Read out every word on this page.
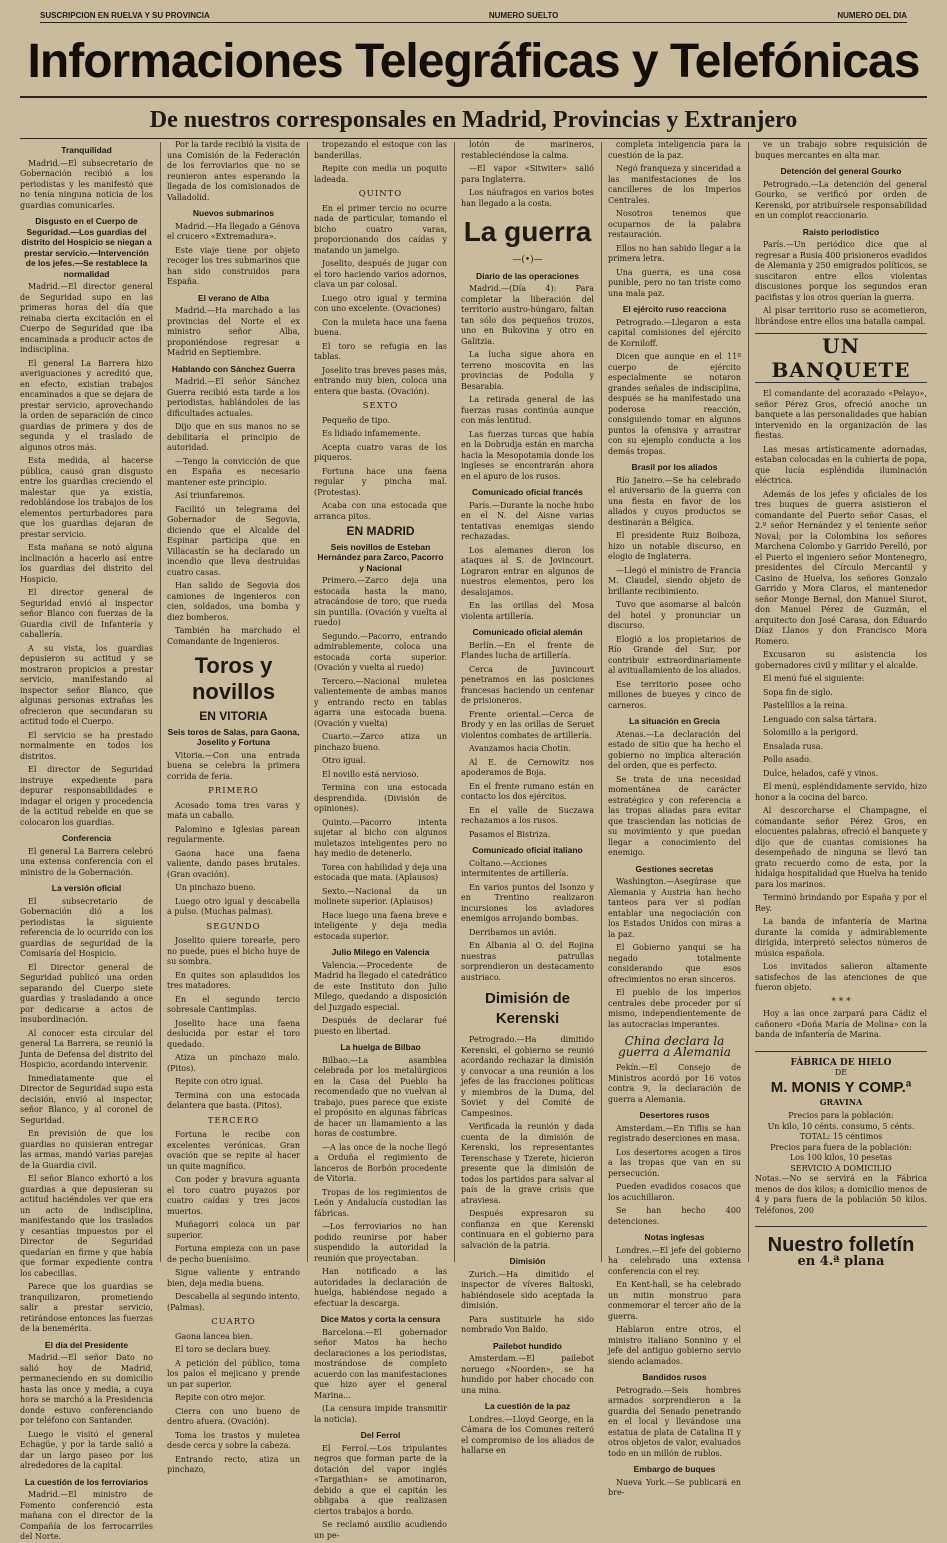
SUSCRIPCION EN RUELVA Y SU PROVINCIA	NUMERO SUELTO	NUMERO DEL DIA
Informaciones Telegráficas y Telefónicas
De nuestros corresponsales en Madrid, Provincias y Extranjero
Tranquilidad

Madrid.—El subsecretario de Gobernación recibió a los periodistas y les manifestó que no tenía ninguna noticia de los guardias comunicarles.

Disgusto en el Cuerpo de Seguridad.—Los guardias del distrito del Hospicio se niegan a prestar servicio.—Intervención de los jefes.—Se restablece la normalidad

Madrid.—El director general de Seguridad supo en las primeras horas del día que reinaba cierta excitación en el Cuerpo de Seguridad que iba encaminada a producir actos de indisciplina.

El general La Barrera hizo averiguaciones y acreditó que, en efecto, existían trabajos encaminados a que se dejara de prestar servicio, aprovechando la orden de separación de cinco guardias de primera y dos de segunda y el traslado de algunos otros más.

Esta medida, al hacerse pública, causó gran disgusto entre los guardias creciendo el malestar que ya existía, redoblándose los trabajos de los elementos perturbadores para que los guardias dejaran de prestar servicio.

Esta mañana se notó alguna inclinación a hacerlo así entre los guardias del distrito del Hospicio.

El director general de Seguridad envió al inspector señor Blanco con fuerzas de la Guardia civil de Infantería y caballería.

A su vista, los guardias depusieron su actitud y se mostraron propicios a prestar servicio, manifestando al inspector señor Blanco, que algunas personas extrañas les ofrecieron que secundaran su actitud todo el Cuerpo.

El servicio se ha prestado normalmente en todos los distritos.

El director de Seguridad instruye expediente para depurar responsabilidades e indagar el origen y procedencia de la actitud rebelde en que se colocaron los guardias.

Conferencia

El general La Barrera celebró una extensa conferencia con el ministro de la Gobernación.

La versión oficial

El subsecretario de Gobernación dió a los periodistas la siguiente referencia de lo ocurrido con los guardias de seguridad de la Comisaría del Hospicio.

El Director general de Seguridad publicó una orden separando del Cuerpo siete guardias y trasladando a once por dedicarse a actos de insubordinación.

Al conocer esta circular del general La Barrera, se reunió la Junta de Defensa del distrito del Hospicio, acordando intervenir.

Inmediatamente que el Director de Seguridad supo esta decisión, envió al inspector, señor Blanco, y al coronel de Seguridad.

En previsión de que los guardias no quisieran entregar las armas, mandó varias parejas de la Guardia civil.

El señor Blanco exhortó a los guardias a que depusieran su actitud haciéndoles ver que era un acto de indisciplina, manifestando que los traslados y cesantías impuestos por el Director de Seguridad quedarían en firme y que había que formar expediente contra los cabecillas.

Parece que los guardias se tranquilizaron, prometiendo salir a prestar servicio, retirándose entonces las fuerzas de la benemérita.

El día del Presidente

Madrid.—El señor Dato no salió hoy de Madrid, permaneciendo en su domicilio hasta las once y media, a cuya hora se marchó a la Presidencia donde estuvo conferenciando por teléfono con Santander.

Luego le visitó el general Echagüe, y por la tarde salió a dar un largo paseo por los alrededores de la capital.

La cuestión de los ferroviarios

Madrid.—El ministro de Fomento conferenció esta mañana con el director de la Compañía de los ferrocarriles del Norte.

Por la tarde recibió la visita de una Comisión de la Federación de los ferroviarios que no se reunieron antes esperando la llegada de los comisionados de Valladolid.

Nuevos submarinos

Madrid.—Ha llegado a Génova el crucero «Extremadura».

Este viaje tiene por objeto recoger los tres submarinos que han sido construidos para España.

El verano de Alba

Madrid.—Ha marchado a las provincias del Norte el ex ministro señor Alba, proponiéndose regresar a Madrid en Septiembre.

Hablando con Sánchez Guerra

Madrid.—El señor Sánchez Guerra recibió esta tarde a los periodistas, hablándoles de las dificultades actuales.

Dijo que en sus manos no se debilitaría el principio de autoridad.

—Tengo la convicción de que en España es necesario mantener este principio.

Así triunfaremos.

Facilitó un telegrama del Gobernador de Segovia, diciendo que el Alcalde del Espinar participa que en Villacastín se ha declarado un incendio que lleva destruidas cuatro casas.

Han salido de Segovia dos camiones de ingenieros con cien, soldados, una bomba y diez bomberos.

También ha marchado el Comandante de Ingenieros.

Toros y novillos
EN VITORIA
Seis toros de Salas, para Gaona, Joselito y Fortuna

Vitoria.—Con una entrada buena se celebra la primera corrida de feria.

PRIMERO

Acosado toma tres varas y mata un caballo.

Palomino e Iglesias parean regularmente.

Gaona hace una faena valiente, dando pases brutales. (Gran ovación).

Un pinchazo bueno.

Luego otro igual y descabella a pulso. (Muchas palmas).

SEGUNDO

Joselito quiere torearle, pero no puede, pues el bicho huye de su sombra.

En quites son aplaudidos los tres matadores.

En el segundo tercio sobresale Cantimplas.

Joselito hace una faena deslucida por estar el toro quedado.

Atiza un pinchazo malo. (Pitos).

Repite con otro igual.

Termina con una estocada delantera que basta. (Pitos).

TERCERO

Fortuna le recibe con excelentes verónicas. Gran ovación que se repite al hacer un quite magnífico.

Con poder y bravura aguanta el toro cuatro puyazos por cuatro caídas y tres jacos muertos.

Muñagorri coloca un par superior.

Fortuna empieza con un pase de pecho buenísimo.

Sigue valiente y entrando bien, deja media buena.

Descabella al segundo intento. (Palmas).

CUARTO

Gaona lancea bien.

El toro se declara buey.

A petición del público, toma los palos el mejicano y prende un par superior.

Repite con otro mejor.

Cierra con uno bueno de dentro afuera. (Ovación).

Toma los trastos y muletea desde cerca y sobre la cabeza.

Entrando recto, atiza un pinchazo,

tropezando el estoque con las banderillas.

Repite con media un poquito ladeada.

QUINTO

En el primer tercio no ocurre nada de particular, tomando el bicho cuatro varas, proporcionando dos caídas y matando un jamelgo.

Joselito, después de jugar con el toro haciendo varios adornos, clava un par colosal.

Luego otro igual y termina con uno excelente. (Ovaciones)

Con la muleta hace una faena buena.

El toro se refugia en las tablas.

Joselito tras breves pases más, entrando muy bien, coloca una entera que basta. (Ovación).

SEXTO

Pequeño de tipo.

Es lidiado infamemente.

Acepta cuatro varas de los piqueros.

Fortuna hace una faena regular y pincha mal. (Protestas).

Acaba con una estocada que arranca pitos.

EN MADRID
Seis novillos de Esteban Hernández para Zarco, Pacorro y Nacional

Primero.—Zarco deja una estocada hasta la mano, atracándose de toro, que rueda sin puntilla. (Ovación y vuelta al ruedo)

Segundo.—Pacorro, entrando admirablemente, coloca una estocada corta superior. (Ovación y vuelta al ruedo)

Tercero.—Nacional muletea valientemente de ambas manos y entrando recto en tablas agarra una estocada buena. (Ovación y vuelta)

Cuarto.—Zarco atiza un pinchazo bueno.

Otro igual.

El novillo está nervioso.

Termina con una estocada desprendida. (División de opiniones).

Quinto.—Pacorro intenta sujetar al bicho con algunos muletazos inteligentes pero no hay medio de detenerlo.

Torea con habilidad y deja una estocada que mata. (Aplausos)

Sexto.—Nacional da un molinete superior. (Aplausos)

Hace luego una faena breve e inteligente y deja media estocada superior.

Julio Milego en Valencia

Valencia.—Procedente de Madrid ha llegado el catedrático de este Instituto don Julio Milego, quedando a disposición del Juzgado especial.

Después de declarar fué puesto en libertad.

La huelga de Bilbao

Bilbao.—La asamblea celebrada por los metalúrgicos en la Casa del Pueblo ha recomendado que no vuelvan al trabajo, pues parece que existe el propósito en algunas fábricas de hacer un llamamiento a las horas de costumbre.

—A las once de la noche llegó a Orduña el regimiento de lanceros de Borbón procedente de Vitoria.

Tropas de los regimientos de León y Andalucía custodian las fábricas.

—Los ferroviarios no han podido reunirse por haber suspendido la autoridad la reunión que proyectaban.

Han notificado a las autoridades la declaración de huelga, habiéndose negado a efectuar la descarga.

Dice Matos y corta la censura

Barcelona.—El gobernador señor Matos ha hecho declaraciones a los periodistas, mostrándose de completo acuerdo con las manifestaciones que hizo ayer el general Marina...

(La censura impide transmitir la noticia).

Del Ferrol

El Ferrol.—Los tripulantes negros que forman parte de la dotación del vapor inglés «Targathian» se amotinaron, debido a que el capitán les obligaba a que realizasen ciertos trabajos a bordo.

Se reclamó auxilio acudiendo un pe-

lotón de marineros, restableciéndose la calma.

—El vapor «Sitwiter» salió para Inglaterra.

Los náufragos en varios botes han llegado a la costa.

La guerra
—(•)—
Diario de las operaciones

Madrid.—(Día 4): Para completar la liberación del territorio austro-húngaro, faltan tan sólo dos pequeños trozos, uno en Bukovina y otro en Galitzia.

La lucha sigue ahora en terreno moscovita en las provincias de Podolia y Besarabia.

La retirada general de las fuerzas rusas continúa aunque con más lentitud.

Las fuerzas turcas que había en la Dobrudja están en marcha hacia la Mesopotamia donde los ingleses se encontrarán ahora en el apuro de los rusos.

Comunicado oficial francés

París.—Durante la noche hubo en el N. del Aisne varias tentativas enemigas siendo rechazadas.

Los alemanes dieron los ataques al S. de Jovincourt. Lograron entrar en algunos de nuestros elementos, pero los desalojamos.

En las orillas del Mosa violenta artillería.

Comunicado oficial alemán

Berlín.—En el frente de Flandes lucha de artillería.

Cerca de Juvincourt penetramos en las posiciones francesas haciendo un centenar de prisioneros.

Frente oriental.—Cerca de Brody y en las orillas de Seruet violentos combates de artillería.

Avanzamos hacia Chotin.

Al E. de Cernowitz nos apoderamos de Boja.

En el frente rumano están en contacto los dos ejércitos.

En el valle de Suczawa rechazamos a los rusos.

Pasamos el Bistriza.

Comunicado oficial italiano

Coltano.—Acciones intermitentes de artillería.

En varios puntos del Isonzo y en Trentino realizaron incursiones los aviadores enemigos arrojando bombas.

Derribamos un avión.

En Albania al O. del Rojina nuestras patrullas sorprendieron un destacamento austriaco.

Dimisión de Kerenski

Petrogrado.—Ha dimitido Kerenski, el gobierno se reunió acordando rechazar la dimisión y convocar a una reunión a los jefes de las fracciones políticas y miembros de la Duma, del Soviet y del Comité de Campesinos.

Verificada la reunión y dada cuenta de la dimisión de Kerenski, los representantes Terenschase y Tzerete, hicieron presente que la dimisión de todos los partidos para salvar al país de la grave crisis que atraviesa.

Después expresaron su confianza en que Kerenski continuara en el gobierno para salvación de la patria.

Dimisión

Zurich.—Ha dimitido el inspector de víveres Baltoski, habiéndosele sido aceptada la dimisión.

Para sustituirle ha sido nombrado Von Baldo.

Pailebot hundido

Amsterdam.—El pailebot noruego «Noorden», se ha hundido por haber chocado con una mina.

La cuestión de la paz

Londres.—Lloyd George, en la Cámara de los Comunes reiteró el compromiso de los aliados de hallarse en

completa inteligencia para la cuestión de la paz.

Negó franqueza y sinceridad a las manifestaciones de los cancilleres de los Imperios Centrales.

Nosotros tenemos que ocuparnos de la palabra restauración.

Ellos no han sabido llegar a la primera letra.

Una guerra, es una cosa punible, pero no tan triste como una mala paz.

El ejército ruso reacciona

Petrogrado.—Llegaron a esta capital comisiones del ejército de Korniloff.

Dicen que aunque en el 11º cuerpo de ejército especialmente se notaron grandes señales de indisciplina, después se ha manifestado una poderosa reacción, consiguiendo tomar en algunos puntos la ofensiva y arrastrar con su ejemplo conducta a los demás tropas.

Brasil por los aliados

Río Janeiro.—Se ha celebrado el aniversario de la guerra con una fiesta en favor de los aliados y cuyos productos se destinarán a Bélgica.

El presidente Ruiz Boiboza, hizo un notable discurso, en elogio de Inglaterra.

—Llegó el ministro de Francia M. Claudel, siendo objeto de brillante recibimiento.

Tuvo que asomarse al balcón del hotel y pronunciar un discurso.

Elogió a los propietarios de Río Grande del Sur, por contribuir extraordinariamente al avituallamiento de los aliados.

Ese territorio posee ocho millones de bueyes y cinco de carneros.

La situación en Grecia

Atenas.—La declaración del estado de sitio que ha hecho el gobierno no implica alteración del orden, que es perfecto.

Se trata de una necesidad momentánea de carácter estratégico y con referencia a las tropas aliadas para evitar que trasciendan las noticias de su movimiento y que puedan llegar a conocimiento del enemigo.

Gestiones secretas

Washington.—Asegúrase que Alemania y Austria han hecho tanteos para ver si podían entablar una negociación con los Estados Unidos con miras a la paz.

El Gobierno yanqui se ha negado totalmente considerando que esos ofrecimientos no eran sinceros.

El pueblo de los imperios centrales debe proceder por sí mismo, independientemente de las autocracias imperantes.

China declara la guerra a Alemania

Pekín.—El Consejo de Ministros acordó por 16 votos contra 9, la declaración de guerra a Alemania.

Desertores rusos

Amsterdam.—En Tiflis se han registrado deserciones en masa.

Los desertores acogen a tiros a las tropas que van en su persecución.

Pueden evadidos cosacos que los acuchillaron.

Se han hecho 400 detenciones.

Notas inglesas

Londres.—El jefe del gobierno ha celebrado una extensa conferencia con el rey.

En Kent-hall, se ha celebrado un mitin monstruo para conmemorar el tercer año de la guerra.

Hablaron entre otros, el ministro italiano Sonnino y el jefe del antiguo gobierno servio siendo aclamados.

Bandidos rusos

Petrogrado.—Seis hombres armados sorprendieron a la guardia del Senado penetrando en el local y llevándose una estatua de plata de Catalina II y otros objetos de valor, evaluados todo en un millón de rublos.

Embargo de buques

Nueva York.—Se publicará en bre-

ve un trabajo sobre requisición de buques mercantes en alta mar.

Detención del general Gourko

Petrogrado.—La detención del general Gourko, se verificó por orden de Kerenski, por atribuírsele responsabilidad en un complot reaccionario.

Raisto periodístico

París.—Un periódico dice que al regresar a Rusia 400 prisioneros evadidos de Alemania y 250 emigrados políticos, se suscitaron entre ellos violentas discusiones porque los segundos eran pacifistas y los otros querían la guerra.

Al pisar territorio ruso se acometieron, librándose entre ellos una batalla campal.

UN BANQUETE

El comandante del acorazado «Pelayo», señor Pérez Gros, ofreció anoche un banquete a las personalidades que habían intervenido en la organización de las fiestas.

Las mesas artísticamente adornadas, estaban colocadas en la cubierta de popa, que lucía espléndida iluminación eléctrica.

Además de los jefes y oficiales de los tres buques de guerra asistieron el comandante del Puerto señor Casas, el 2.º señor Hernández y el teniente señor Noval; por la Colombina los señores Marchena Colombo y Garrido Perelló, por el Puerto el ingeniero señor Montenegro, presidentes del Círculo Mercantil y Casino de Huelva, los señores Gonzalo Garrido y Mora Claros, el mantenedor señor Monge Bernal, don Manuel Siurot, don Manuel Pérez de Guzmán, el arquitecto don José Carasa, don Eduardo Díaz Llanos y don Francisco Mora Romero.

Excusaron su asistencia los gobernadores civil y militar y el alcalde.

El menú fué el siguiente:

Sopa fin de siglo.

Pastelillos a la reina.

Lenguado con salsa tártara.

Solomillo a la perigord.

Ensalada rusa.

Pollo asado.

Dulce, helados, café y vinos.

El menú, espléndidamente servido, hizo honor a la cocina del barco.

Al descorcharse el Champagne, el comandante señor Pérez Gros, en elocuentes palabras, ofreció el banquete y dijo que de cuantas comisiones ha desempeñado de ninguna se llevó tan grato recuerdo como de esta, por la hidalga hospitalidad que Huelva ha tenido para los marinos.

Terminó brindando por España y por el Rey.

La banda de infantería de Marina durante la comida y admirablemente dirigida, interpretó selectos números de música española.

Los invitados salieron altamente satisfechos de las atenciones de que fueron objeto.

* * *

Hoy a las once zarpará para Cádiz el cañonero «Doña María de Molina» con la banda de infantería de Marina.

FÁBRICA DE HIELO
DE
M. MONIS Y COMP.ª
GRAVINA
Precios para la población:
Un kilo, 10 cénts. consumo, 5 cénts.
TOTAL: 15 céntimos
Precios para fuera de la población:
Los 100 kilos, 10 pesetas
SERVICIO A DOMICILIO
Notas.—No se servirá en la Fábrica menos de dos kilos; a domicilio menos de 4 y para fuera de la población 50 kilos. Teléfonos, 200
Nuestro folletín
en 4.ª plana
